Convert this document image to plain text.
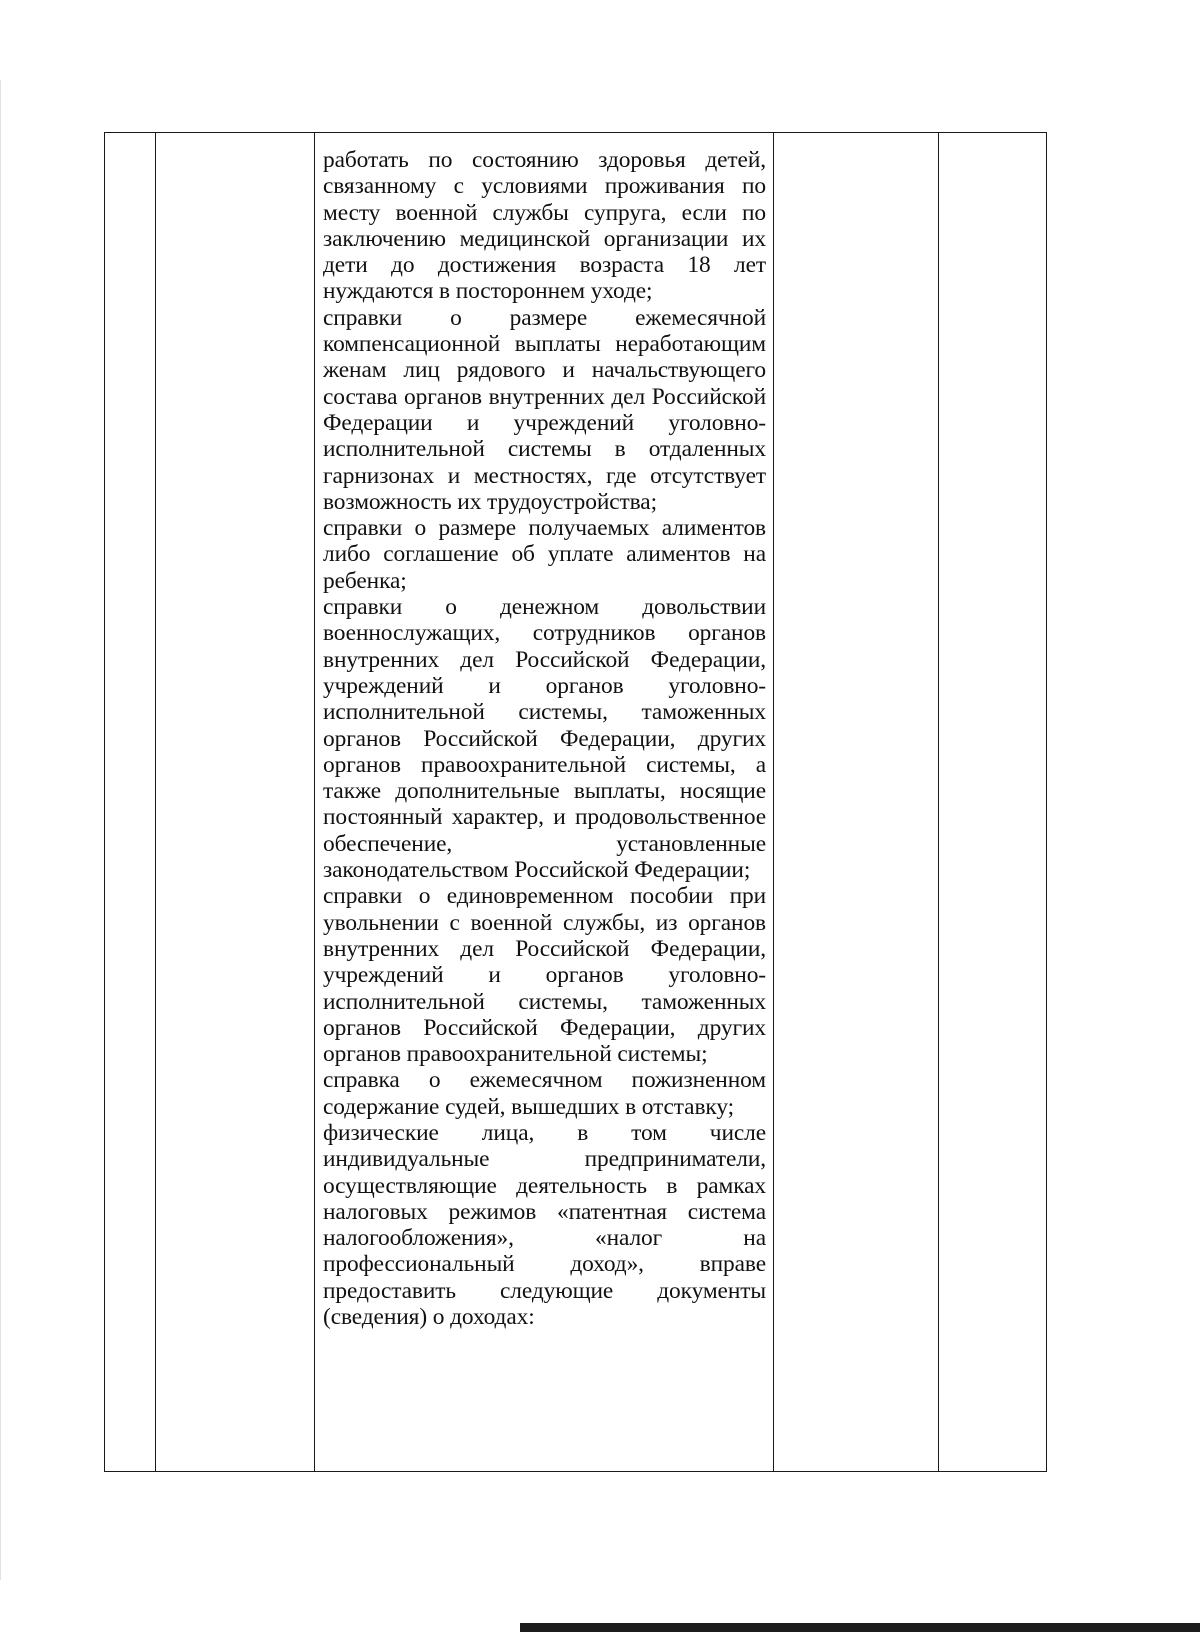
работать по состоянию здоровья детей, связанному с условиями проживания по месту военной службы супруга, если по заключению медицинской организации их дети до достижения возраста 18 лет нуждаются в постороннем уходе;

справки о размере ежемесячной компенсационной выплаты неработающим женам лиц рядового и начальствующего состава органов внутренних дел Российской Федерации и учреждений уголовно-исполнительной системы в отдаленных гарнизонах и местностях, где отсутствует возможность их трудоустройства;

справки о размере получаемых алиментов либо соглашение об уплате алиментов на ребенка;

справки о денежном довольствии военнослужащих, сотрудников органов внутренних дел Российской Федерации, учреждений и органов уголовно-исполнительной системы, таможенных органов Российской Федерации, других органов правоохранительной системы, а также дополнительные выплаты, носящие постоянный характер, и продовольственное обеспечение, установленные законодательством Российской Федерации;

справки о единовременном пособии при увольнении с военной службы, из органов внутренних дел Российской Федерации, учреждений и органов уголовно-исполнительной системы, таможенных органов Российской Федерации, других органов правоохранительной системы;

справка о ежемесячном пожизненном содержание судей, вышедших в отставку;

физические лица, в том числе индивидуальные предприниматели, осуществляющие деятельность в рамках налоговых режимов «патентная система налогообложения», «налог на профессиональный доход», вправе предоставить следующие документы (сведения) о доходах:
